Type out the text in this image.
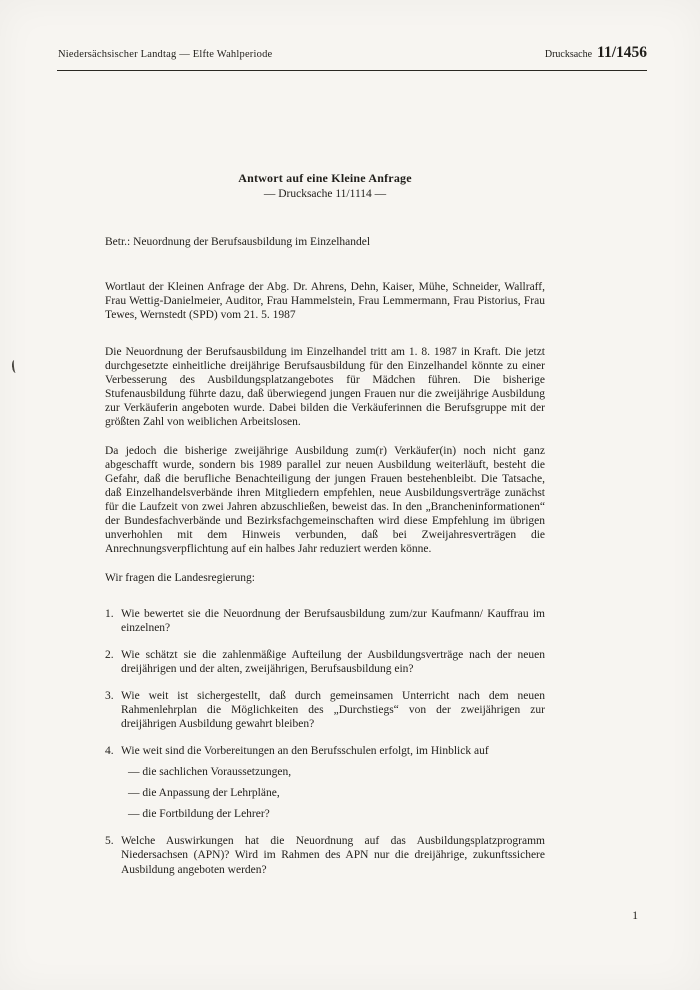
Niedersächsischer Landtag — Elfte Wahlperiode	Drucksache 11/1456
Antwort auf eine Kleine Anfrage
— Drucksache 11/1114 —

Betr.: Neuordnung der Berufsausbildung im Einzelhandel

Wortlaut der Kleinen Anfrage der Abg. Dr. Ahrens, Dehn, Kaiser, Mühe, Schneider, Wallraff, Frau Wettig-Danielmeier, Auditor, Frau Hammelstein, Frau Lemmermann, Frau Pistorius, Frau Tewes, Wernstedt (SPD) vom 21. 5. 1987

Die Neuordnung der Berufsausbildung im Einzelhandel tritt am 1. 8. 1987 in Kraft. Die jetzt durchgesetzte einheitliche dreijährige Berufsausbildung für den Einzelhandel könnte zu einer Verbesserung des Ausbildungsplatzangebotes für Mädchen führen. Die bisherige Stufenausbildung führte dazu, daß überwiegend jungen Frauen nur die zweijährige Ausbildung zur Verkäuferin angeboten wurde. Dabei bilden die Verkäuferinnen die Berufsgruppe mit der größten Zahl von weiblichen Arbeitslosen.

Da jedoch die bisherige zweijährige Ausbildung zum(r) Verkäufer(in) noch nicht ganz abgeschafft wurde, sondern bis 1989 parallel zur neuen Ausbildung weiterläuft, besteht die Gefahr, daß die berufliche Benachteiligung der jungen Frauen bestehenbleibt. Die Tatsache, daß Einzelhandelsverbände ihren Mitgliedern empfehlen, neue Ausbildungsverträge zunächst für die Laufzeit von zwei Jahren abzuschließen, beweist das. In den „Brancheninformationen“ der Bundesfachverbände und Bezirksfachgemeinschaften wird diese Empfehlung im übrigen unverhohlen mit dem Hinweis verbunden, daß bei Zweijahresverträgen die Anrechnungsverpflichtung auf ein halbes Jahr reduziert werden könne.

Wir fragen die Landesregierung:

1. Wie bewertet sie die Neuordnung der Berufsausbildung zum/zur Kaufmann/ Kauffrau im einzelnen?
2. Wie schätzt sie die zahlenmäßige Aufteilung der Ausbildungsverträge nach der neuen dreijährigen und der alten, zweijährigen, Berufsausbildung ein?
3. Wie weit ist sichergestellt, daß durch gemeinsamen Unterricht nach dem neuen Rahmenlehrplan die Möglichkeiten des „Durchstiegs“ von der zweijährigen zur dreijährigen Ausbildung gewahrt bleiben?
4. Wie weit sind die Vorbereitungen an den Berufsschulen erfolgt, im Hinblick auf
— die sachlichen Voraussetzungen,
— die Anpassung der Lehrpläne,
— die Fortbildung der Lehrer?
5. Welche Auswirkungen hat die Neuordnung auf das Ausbildungsplatzprogramm Niedersachsen (APN)? Wird im Rahmen des APN nur die dreijährige, zukunftssichere Ausbildung angeboten werden?
1
